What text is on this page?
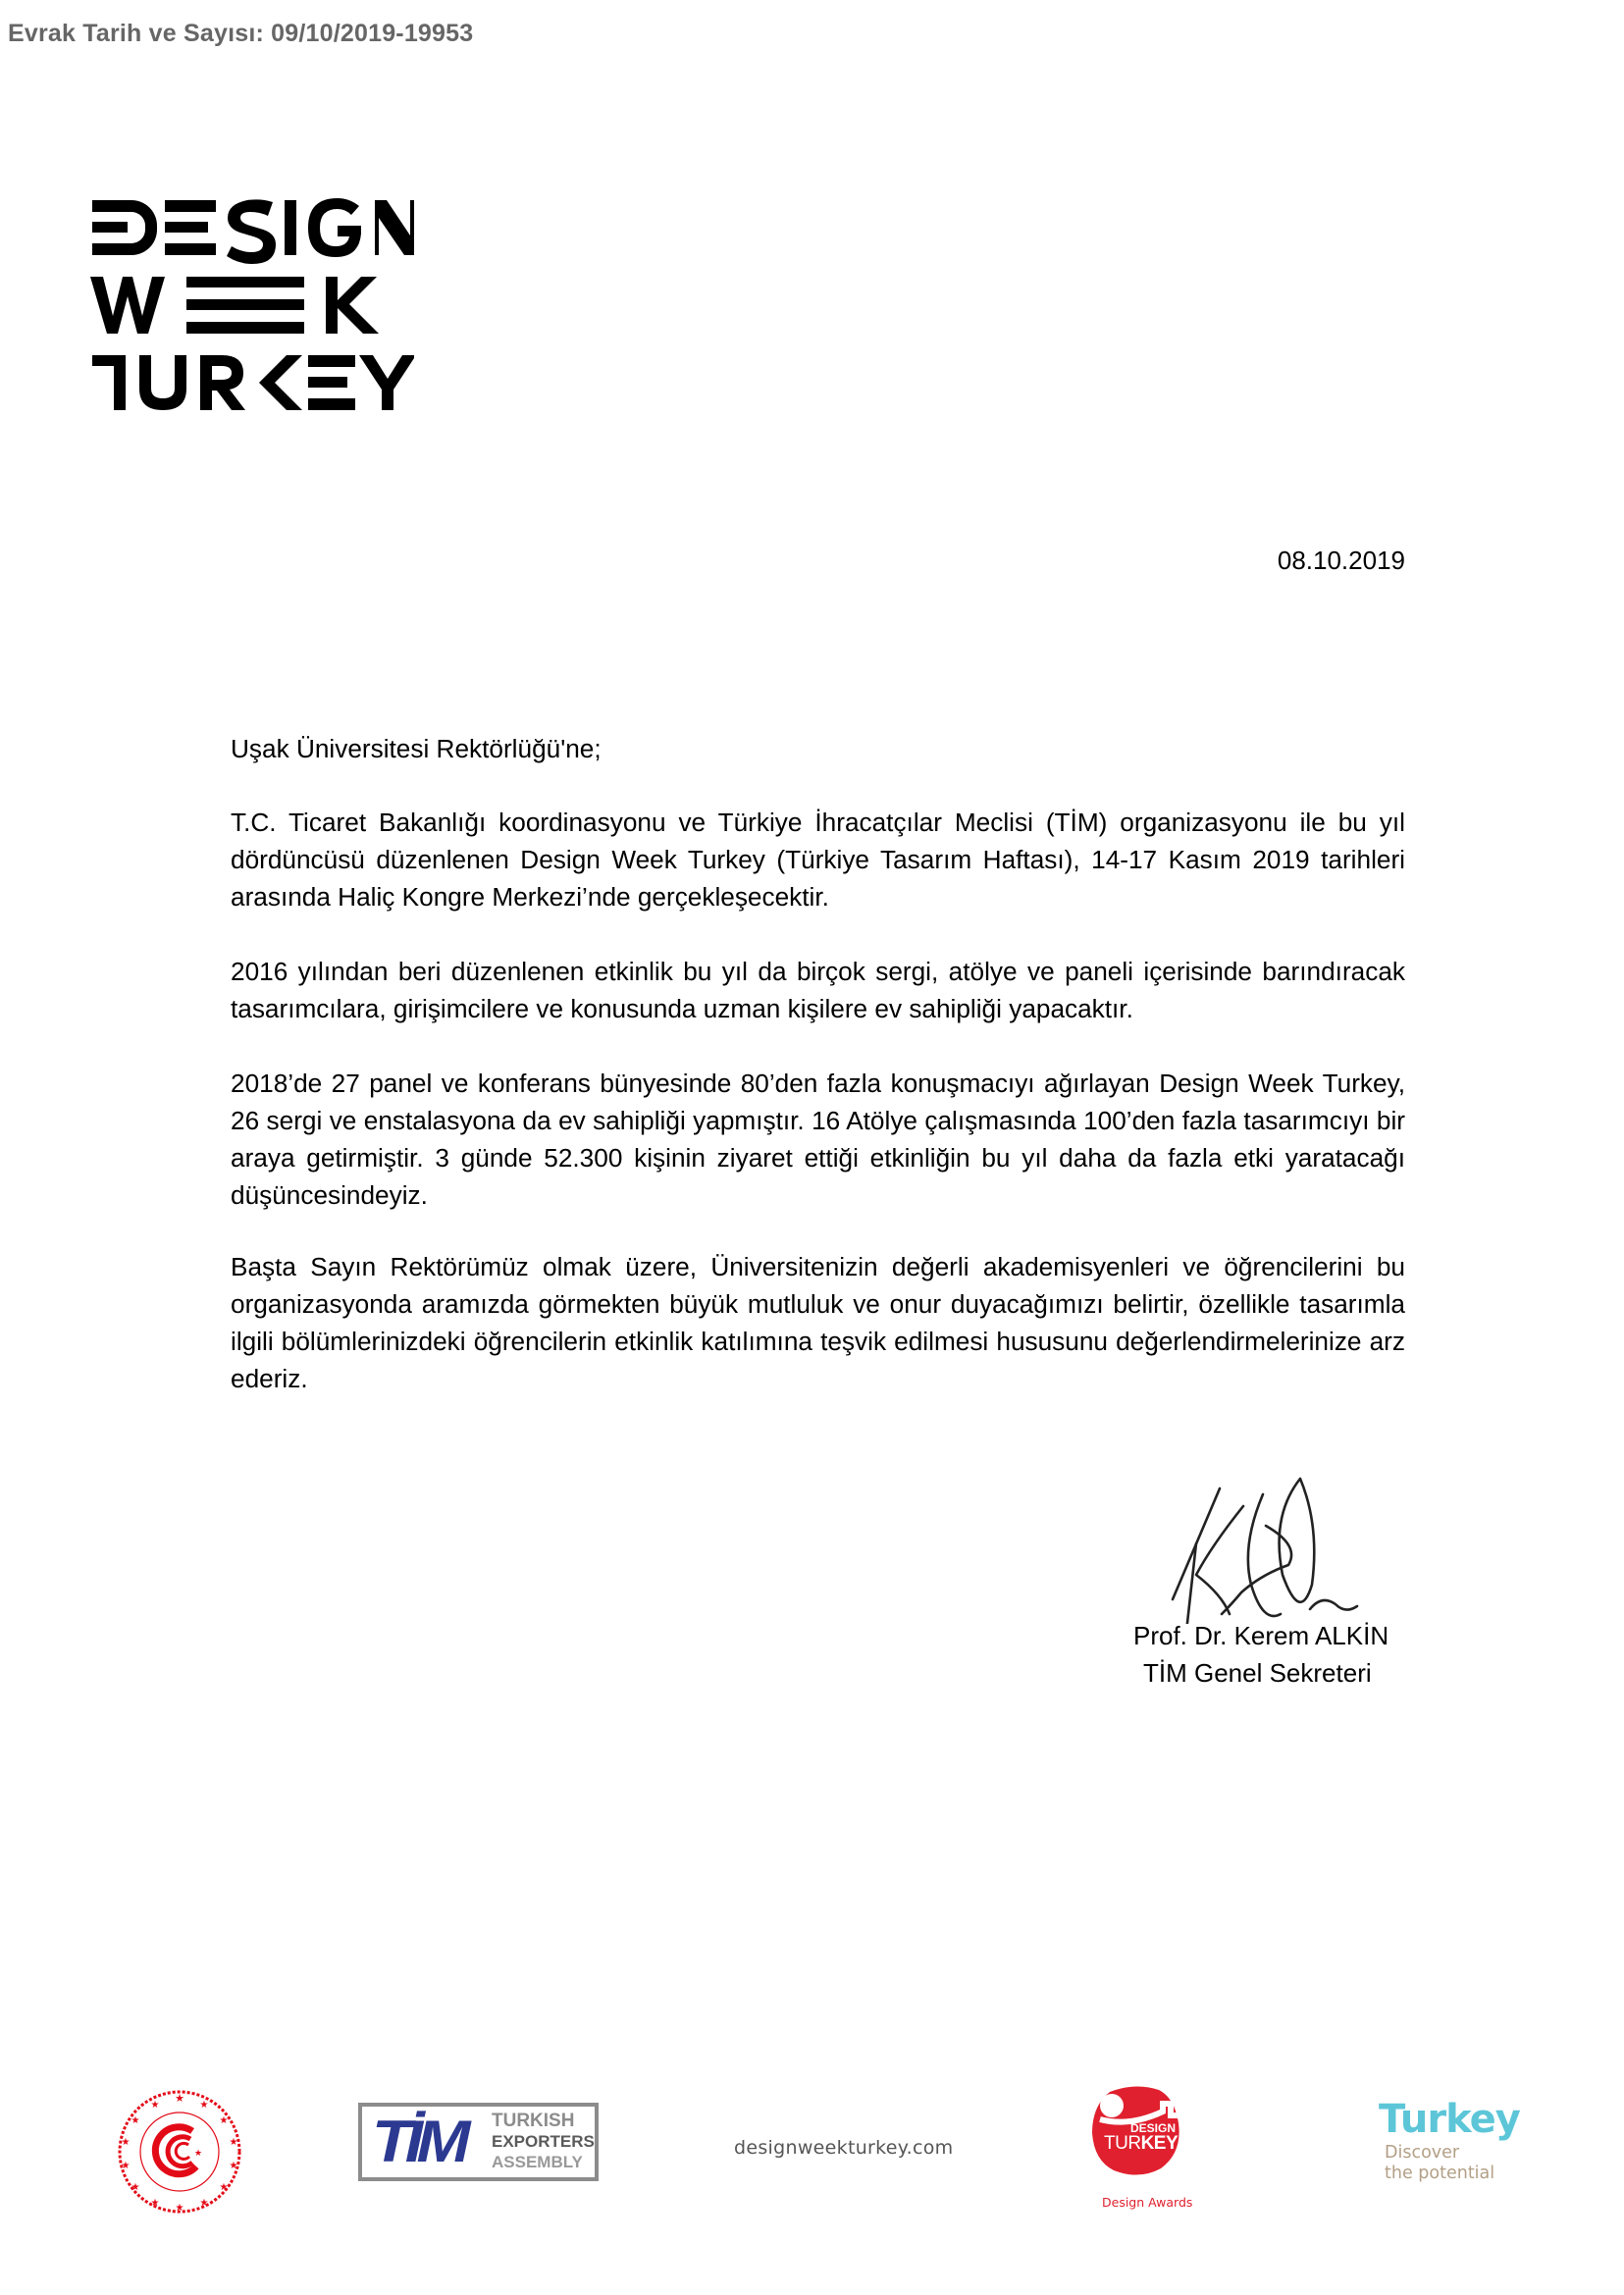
Evrak Tarih ve Sayısı: 09/10/2019-19953
08.10.2019

Uşak Üniversitesi Rektörlüğü'ne;

T.C. Ticaret Bakanlığı koordinasyonu ve Türkiye İhracatçılar Meclisi (TİM) organizasyonu ile bu yıl dördüncüsü düzenlenen Design Week Turkey (Türkiye Tasarım Haftası), 14-17 Kasım 2019 tarihleri arasında Haliç Kongre Merkezi’nde gerçekleşecektir.

2016 yılından beri düzenlenen etkinlik bu yıl da birçok sergi, atölye ve paneli içerisinde barındıracak tasarımcılara, girişimcilere ve konusunda uzman kişilere ev sahipliği yapacaktır.

2018’de 27 panel ve konferans bünyesinde 80’den fazla konuşmacıyı ağırlayan Design Week Turkey, 26 sergi ve enstalasyona da ev sahipliği yapmıştır. 16 Atölye çalışmasında 100’den fazla tasarımcıyı bir araya getirmiştir. 3 günde 52.300 kişinin ziyaret ettiği etkinliğin bu yıl daha da fazla etki yaratacağı düşüncesindeyiz.

Başta Sayın Rektörümüz olmak üzere, Üniversitenizin değerli akademisyenleri ve öğrencilerini bu organizasyonda aramızda görmekten büyük mutluluk ve onur duyacağımızı belirtir, özellikle tasarımla ilgili bölümlerinizdeki öğrencilerin etkinlik katılımına teşvik edilmesi hususunu değerlendirmelerinize arz ederiz.

Prof. Dr. Kerem ALKİN
TİM Genel Sekreteri
★
★	★
★	★
★	★
★	★
★	★
★	★
★
★	TİM TURKISH
EXPORTERS
ASSEMBLY
designweekturkey.com
DESIGN
TURKEY
Design Awards
Turkey
Discover
the potential
